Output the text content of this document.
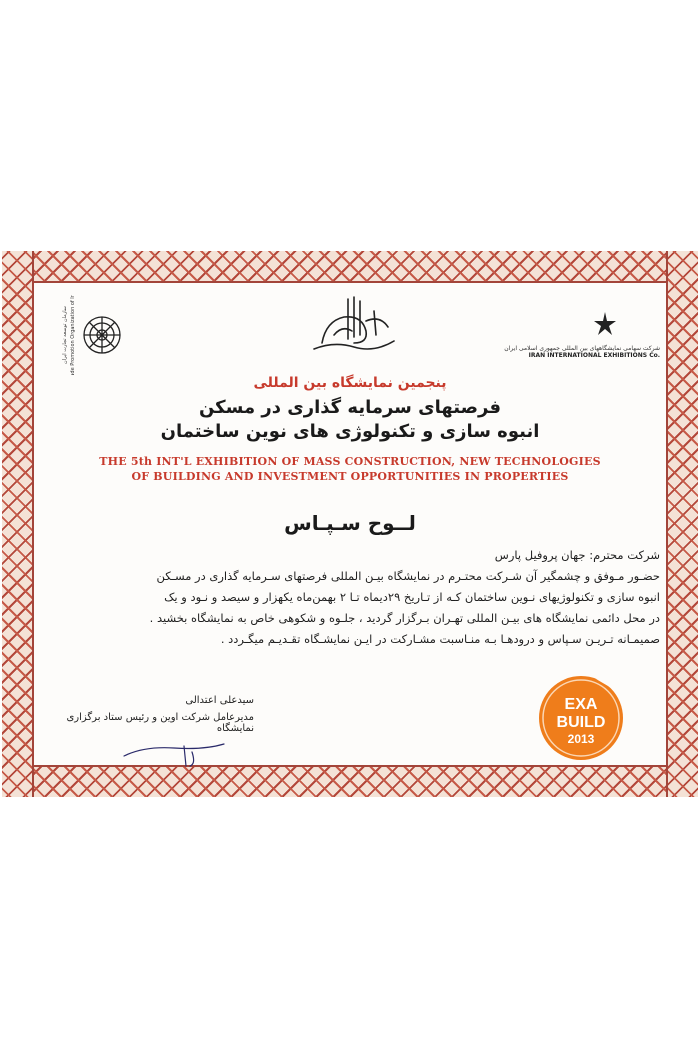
Trade Promotion Organization of Iran
سازمان توسعه تجارت ایران	شرکت سهامی نمایشگاههای بین المللی جمهوری اسلامی ایران
IRAN INTERNATIONAL EXHIBITIONS Co.
پنجمین نمایشگاه بین المللی
فرصتهای سرمایه گذاری در مسکن
انبوه سازی و تکنولوژی های نوین ساختمان
THE 5th INT'L EXHIBITION OF MASS CONSTRUCTION, NEW TECHNOLOGIES
OF BUILDING AND INVESTMENT OPPORTUNITIES IN PROPERTIES
لــوح سـپـاس
شرکت محترم: جهان پروفیل پارس
حضـور مـوفق و چشمگیر آن شـرکت محتـرم در نمایشگاه بیـن المللی فرصتهای سـرمایه گذاری در مسـکن
انبوه سازی و تکنولوژیهای نـوین ساختمان کـه از تـاریخ ۲۹دیماه تـا ۲ بهمن‌ماه یکهزار و سیصد و نـود و یک
در محل دائمی نمایشگاه های بیـن المللی تهـران بـرگزار گردید ، جلـوه و شکوهی خاص به نمایشگاه بخشید .
صمیمـانه تـریـن سـپاس و درودهـا بـه منـاسبت مشـارکت در ایـن نمایشـگاه تقـدیـم میگـردد .
EXA
BUILD
2013
سیدعلی اعتدالی
مدیرعامل شرکت اوین و رئیس ستاد برگزاری نمایشگاه
